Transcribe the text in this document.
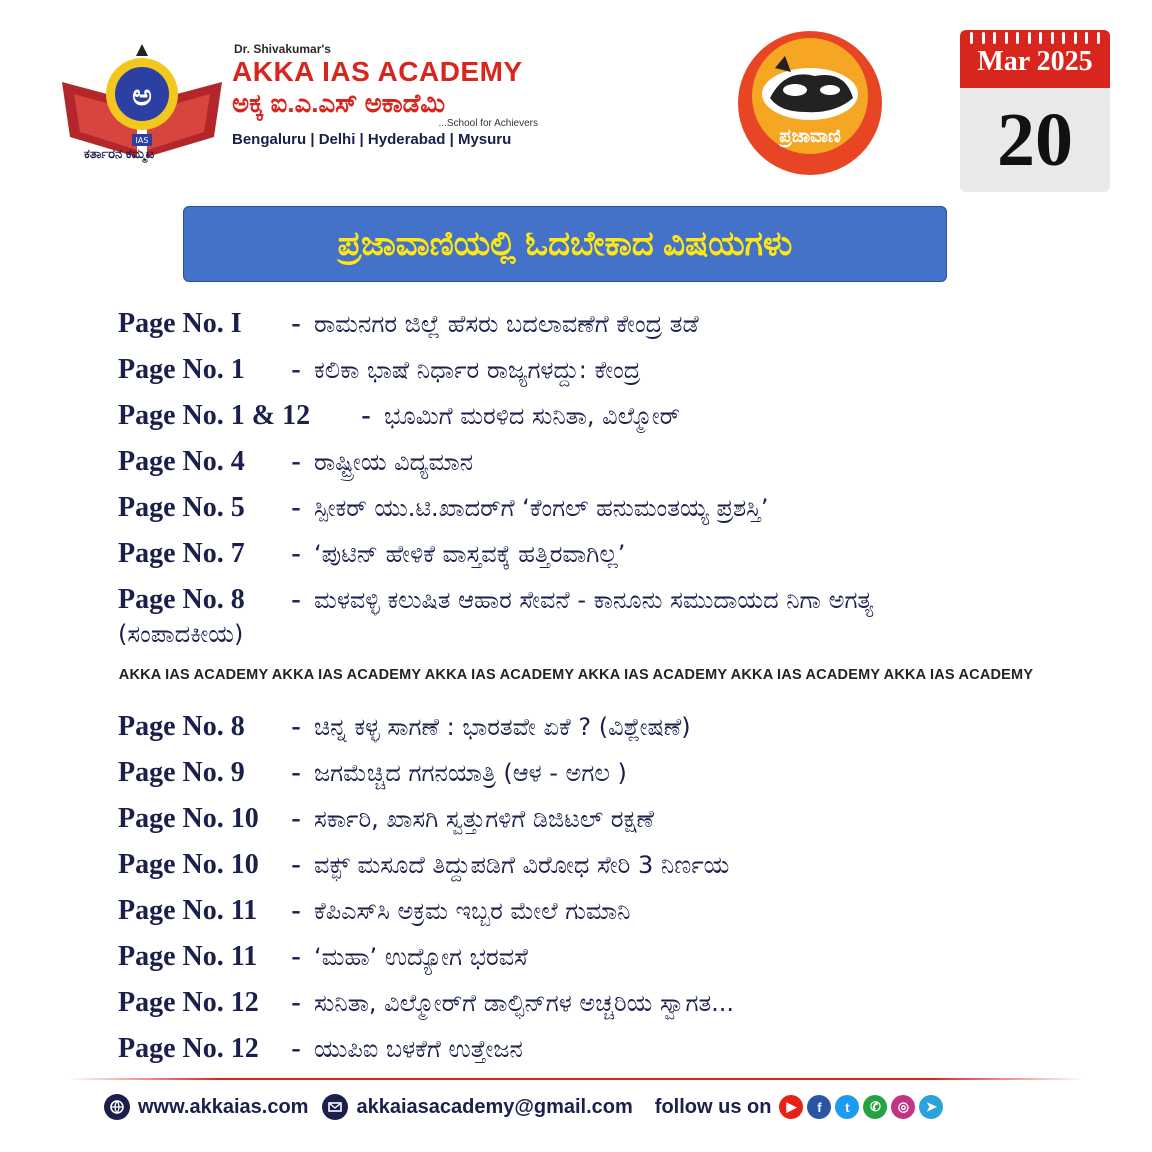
ಅ
IAS
ಕರ್ತಾರನ ಕಮ್ಮಟ
Dr. Shivakumar's
AKKA IAS ACADEMY
ಅಕ್ಕ ಐ.ಎ.ಎಸ್ ಅಕಾಡೆಮಿ
...School for Achievers
Bengaluru | Delhi | Hyderabad | Mysuru	ಪ್ರಜಾವಾಣಿ
Mar 2025
20
ಪ್ರಜಾವಾಣಿಯಲ್ಲಿ ಓದಬೇಕಾದ ವಿಷಯಗಳು
Page No. I - ರಾಮನಗರ ಜಿಲ್ಲೆ ಹೆಸರು ಬದಲಾವಣೆಗೆ ಕೇಂದ್ರ ತಡೆ
Page No. 1 - ಕಲಿಕಾ ಭಾಷೆ ನಿರ್ಧಾರ ರಾಜ್ಯಗಳದ್ದು: ಕೇಂದ್ರ
Page No. 1 & 12 - ಭೂಮಿಗೆ ಮರಳಿದ ಸುನಿತಾ, ವಿಲ್ಮೋರ್
Page No. 4 - ರಾಷ್ಟ್ರೀಯ ವಿದ್ಯಮಾನ
Page No. 5 - ಸ್ಪೀಕರ್ ಯು.ಟಿ.ಖಾದರ್‌ಗೆ ‘ಕೆಂಗಲ್ ಹನುಮಂತಯ್ಯ ಪ್ರಶಸ್ತಿ’
Page No. 7 - ‘ಪುಟಿನ್ ಹೇಳಿಕೆ ವಾಸ್ತವಕ್ಕೆ ಹತ್ತಿರವಾಗಿಲ್ಲ’
Page No. 8 - ಮಳವಳ್ಳಿ ಕಲುಷಿತ ಆಹಾರ ಸೇವನೆ - ಕಾನೂನು ಸಮುದಾಯದ ನಿಗಾ ಅಗತ್ಯ
(ಸಂಪಾದಕೀಯ)
AKKA IAS ACADEMY AKKA IAS ACADEMY AKKA IAS ACADEMY AKKA IAS ACADEMY AKKA IAS ACADEMY AKKA IAS ACADEMY
Page No. 8 - ಚಿನ್ನ ಕಳ್ಳ ಸಾಗಣೆ : ಭಾರತವೇ ಏಕೆ ? (ವಿಶ್ಲೇಷಣೆ)
Page No. 9 - ಜಗಮೆಚ್ಚಿದ ಗಗನಯಾತ್ರಿ (ಆಳ - ಅಗಲ )
Page No. 10 - ಸರ್ಕಾರಿ, ಖಾಸಗಿ ಸ್ವತ್ತುಗಳಿಗೆ ಡಿಜಿಟಲ್ ರಕ್ಷಣೆ
Page No. 10 - ವಕ್ಫ್ ಮಸೂದೆ ತಿದ್ದುಪಡಿಗೆ ವಿರೋಧ ಸೇರಿ 3 ನಿರ್ಣಯ
Page No. 11 - ಕೆಪಿಎಸ್‌ಸಿ ಅಕ್ರಮ ಇಬ್ಬರ ಮೇಲೆ ಗುಮಾನಿ
Page No. 11 - ‘ಮಹಾ’ ಉದ್ಯೋಗ ಭರವಸೆ
Page No. 12 - ಸುನಿತಾ, ವಿಲ್ಮೋರ್‌ಗೆ ಡಾಲ್ಫಿನ್‌ಗಳ ಅಚ್ಚರಿಯ ಸ್ವಾಗತ...
Page No. 12 - ಯುಪಿಐ ಬಳಕೆಗೆ ಉತ್ತೇಜನ
www.akkaias.com akkaiasacademy@gmail.com follow us on	▶	f	t	✆	◎	➤
